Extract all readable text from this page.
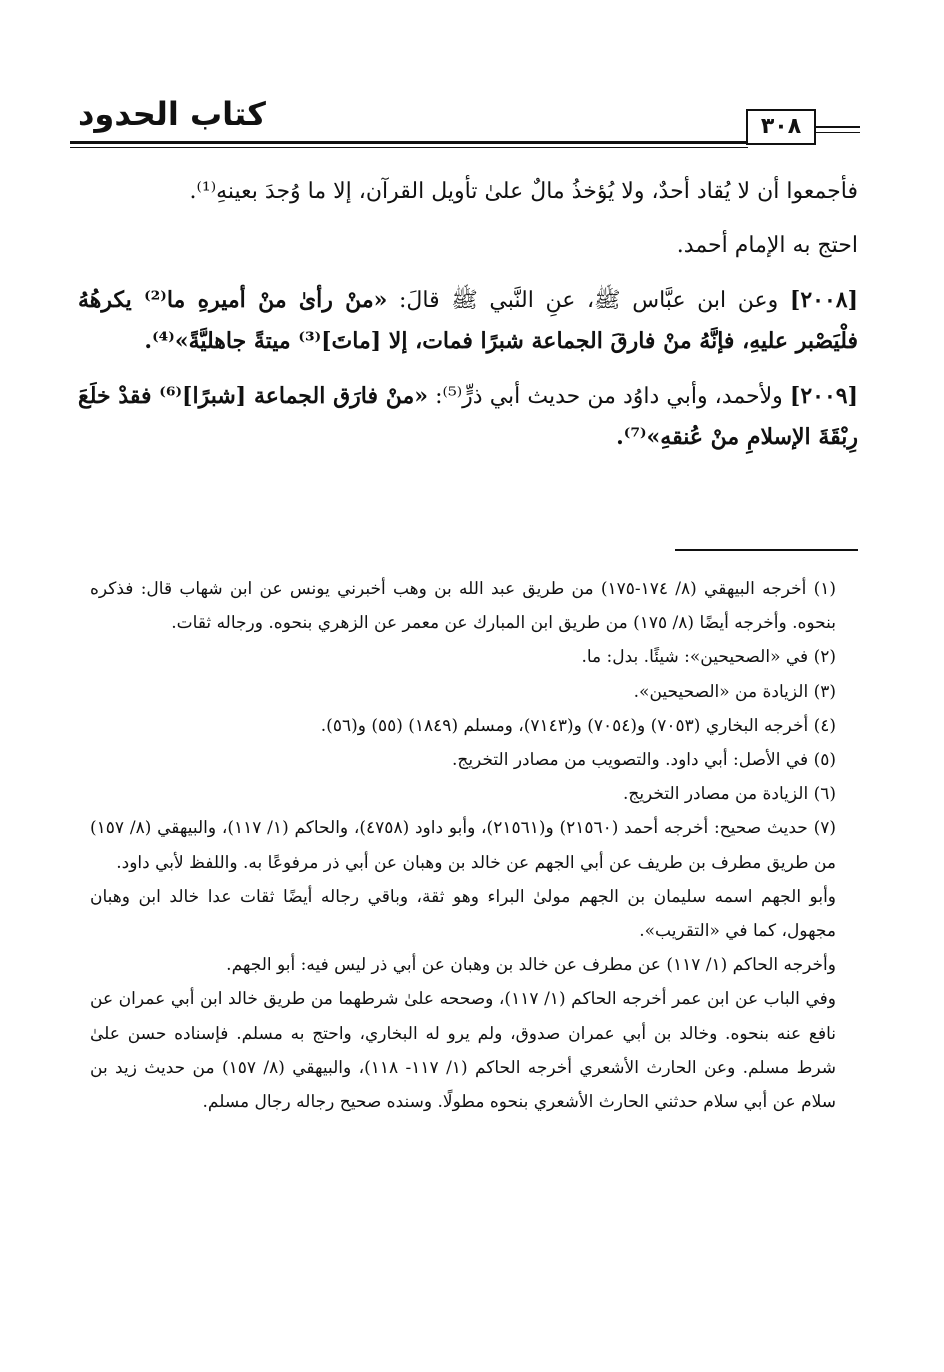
كتاب الحدود	٣٠٨

فأجمعوا أن لا يُقاد أحدٌ، ولا يُؤخذُ مالٌ علىٰ تأويل القرآن، إلا ما وُجدَ بعينهِ⁽¹⁾.

احتج به الإمام أحمد.

[٢٠٠٨] وعن ابن عبَّاس ﷺ، عنِ النَّبي ﷺ قالَ: «منْ رأىٰ منْ أميرهِ ما⁽²⁾ يكرهُهُ فلْيَصْبر عليهِ، فإنَّهُ منْ فارقَ الجماعة شبرًا فمات، إلا [ماتَ]⁽³⁾ ميتةً جاهليَّةً»⁽⁴⁾.

[٢٠٠٩] ولأحمد، وأبي داوُد من حديث أبي ذرٍّ⁽⁵⁾: «منْ فارَق الجماعة [شبرًا]⁽⁶⁾ فقدْ خلَعَ رِبْقَةَ الإسلامِ منْ عُنقهِ»⁽⁷⁾.

(١) أخرجه البيهقي (٨/ ١٧٤-١٧٥) من طريق عبد الله بن وهب أخبرني يونس عن ابن شهاب قال: فذكره بنحوه. وأخرجه أيضًا (٨/ ١٧٥) من طريق ابن المبارك عن معمر عن الزهري بنحوه. ورجاله ثقات.

(٢) في «الصحيحين»: شيئًا. بدل: ما.

(٣) الزيادة من «الصحيحين».

(٤) أخرجه البخاري (٧٠٥٣) و(٧٠٥٤) و(٧١٤٣)، ومسلم (١٨٤٩) (٥٥) و(٥٦).

(٥) في الأصل: أبي داود. والتصويب من مصادر التخريج.

(٦) الزيادة من مصادر التخريج.

(٧) حديث صحيح: أخرجه أحمد (٢١٥٦٠) و(٢١٥٦١)، وأبو داود (٤٧٥٨)، والحاكم (١/ ١١٧)، والبيهقي (٨/ ١٥٧) من طريق مطرف بن طريف عن أبي الجهم عن خالد بن وهبان عن أبي ذر مرفوعًا به. واللفظ لأبي داود.

وأبو الجهم اسمه سليمان بن الجهم مولىٰ البراء وهو ثقة، وباقي رجاله أيضًا ثقات عدا خالد ابن وهبان مجهول، كما في «التقريب».

وأخرجه الحاكم (١/ ١١٧) عن مطرف عن خالد بن وهبان عن أبي ذر ليس فيه: أبو الجهم.

وفي الباب عن ابن عمر أخرجه الحاكم (١/ ١١٧)، وصححه علىٰ شرطهما من طريق خالد ابن أبي عمران عن نافع عنه بنحوه. وخالد بن أبي عمران صدوق، ولم يرو له البخاري، واحتج به مسلم. فإسناده حسن علىٰ شرط مسلم. وعن الحارث الأشعري أخرجه الحاكم (١/ ١١٧- ١١٨)، والبيهقي (٨/ ١٥٧) من حديث زيد بن سلام عن أبي سلام حدثني الحارث الأشعري بنحوه مطولًا. وسنده صحيح رجاله رجال مسلم.
